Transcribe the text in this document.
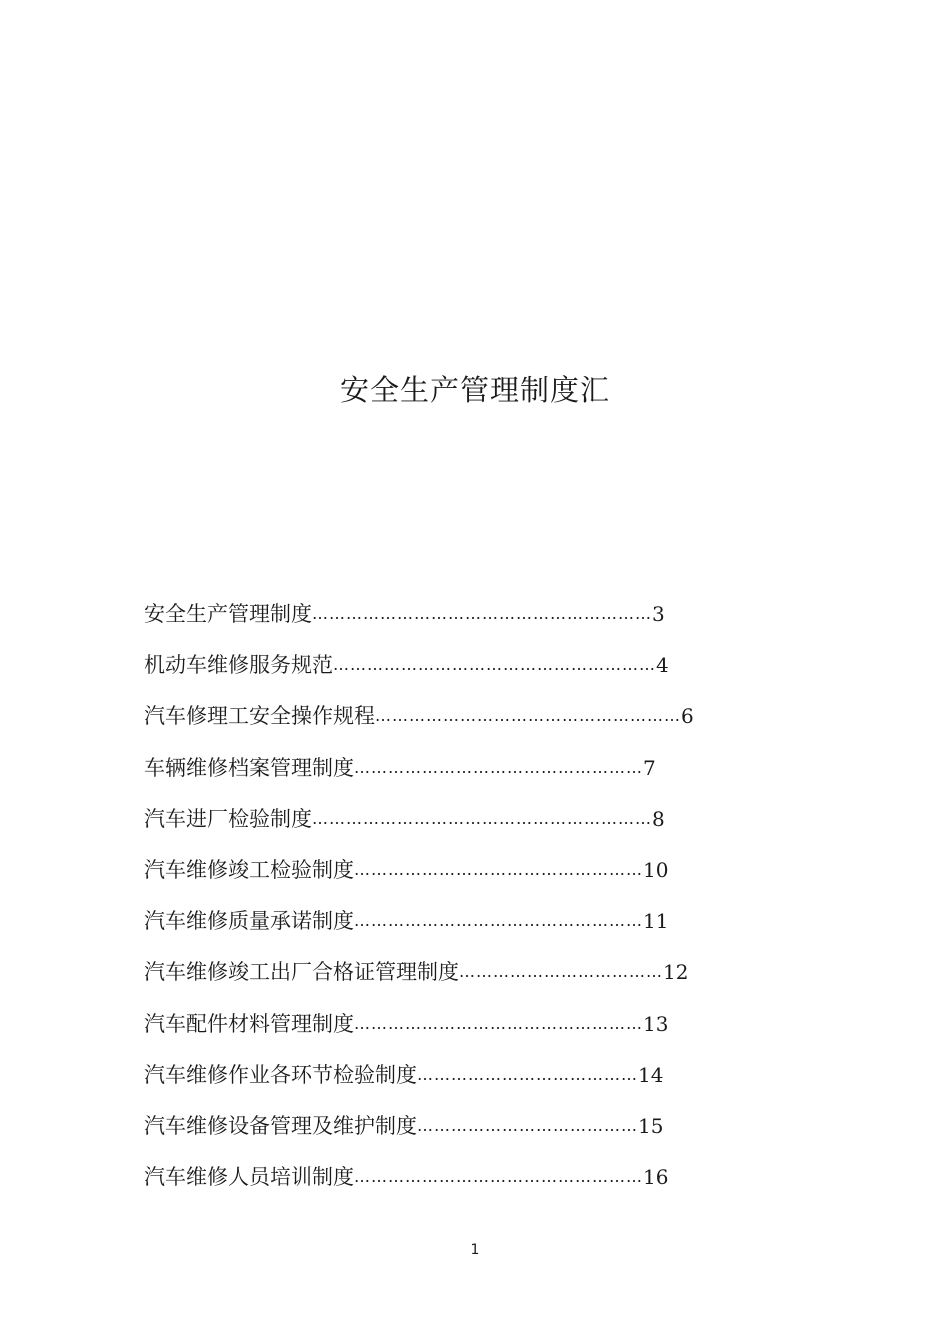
安全生产管理制度汇
安全生产管理制度……………………………………………………3
机动车维修服务规范…………………………………………………4
汽车修理工安全操作规程………………………………………………6
车辆维修档案管理制度……………………………………………7
汽车进厂检验制度……………………………………………………8
汽车维修竣工检验制度……………………………………………10
汽车维修质量承诺制度……………………………………………11
汽车维修竣工出厂合格证管理制度………………………………12
汽车配件材料管理制度……………………………………………13
汽车维修作业各环节检验制度…………………………………14
汽车维修设备管理及维护制度…………………………………15
汽车维修人员培训制度……………………………………………16
1
